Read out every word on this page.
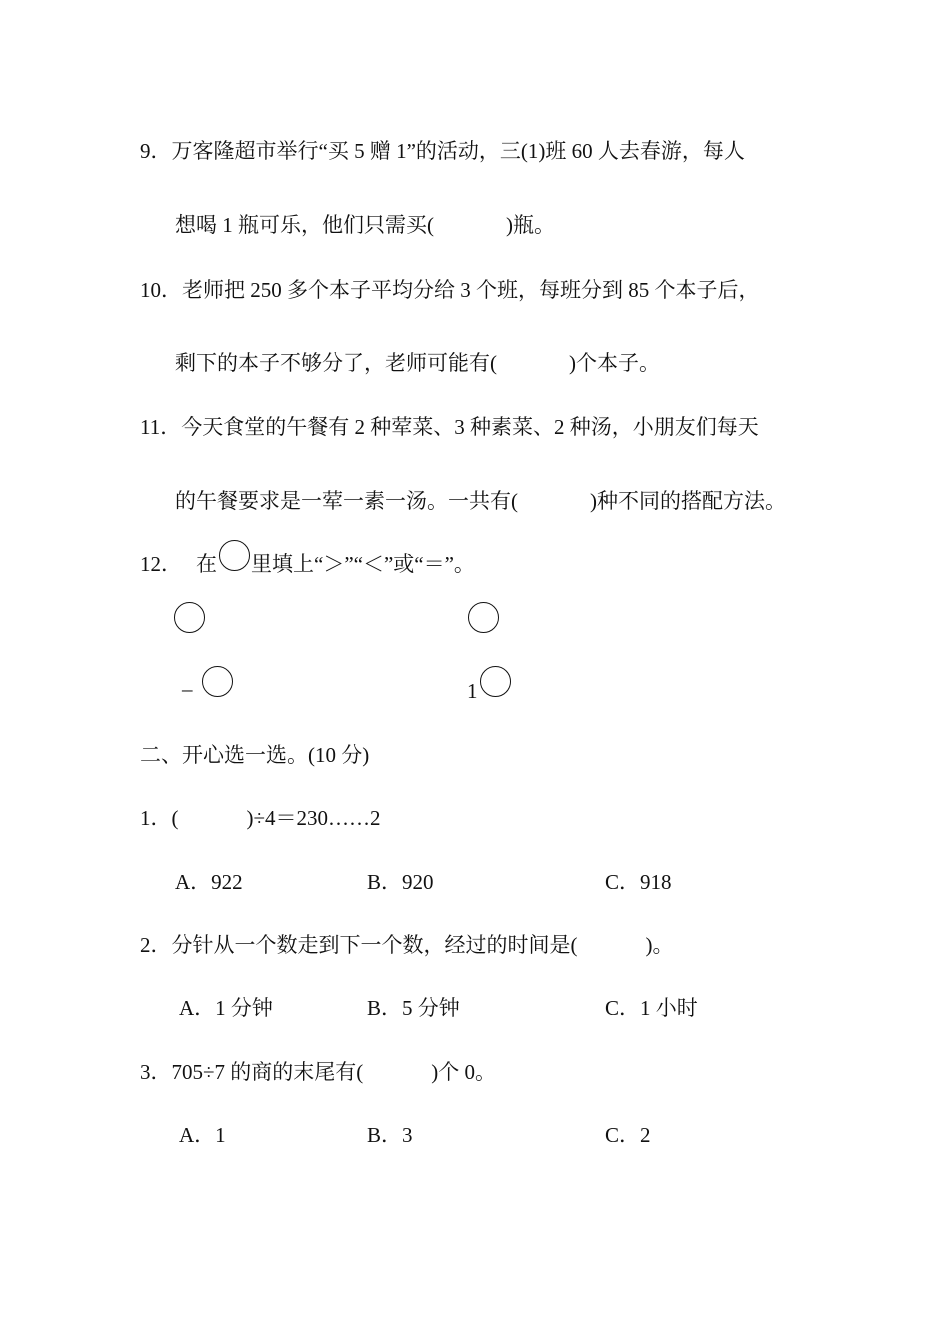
9．万客隆超市举行“买 5 赠 1”的活动，三(1)班 60 人去春游，每人
想喝 1 瓶可乐，他们只需买(	)瓶。
10．老师把 250 多个本子平均分给 3 个班，每班分到 85 个本子后，
剩下的本子不够分了，老师可能有(	)个本子。
11．今天食堂的午餐有 2 种荤菜、3 种素菜、2 种汤，小朋友们每天
的午餐要求是一荤一素一汤。一共有(	)种不同的搭配方法。
12． 在 里填上“＞”“＜”或“＝”。
–	1
二、开心选一选。(10 分)
1．(	)÷4＝230……2
A．922	B．920	C．918
2．分针从一个数走到下一个数，经过的时间是(	)。
A．1 分钟	B．5 分钟	C．1 小时
3．705÷7 的商的末尾有(	)个 0。
A．1	B．3	C．2
